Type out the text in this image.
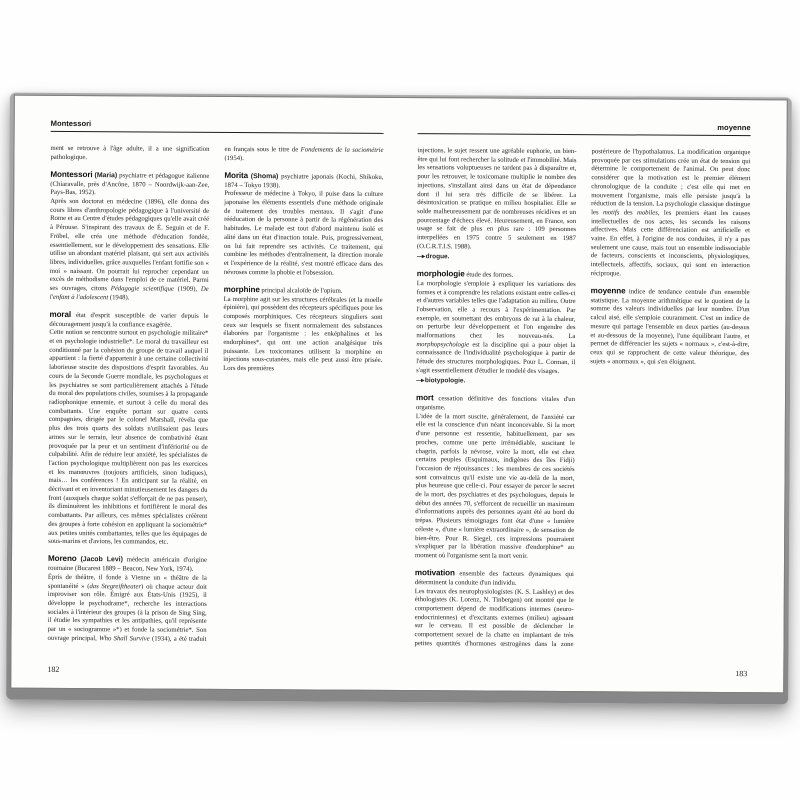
Montessori
ment se retrouve à l'âge adulte, il a une signification pathologique.

Montessori (Maria) psychiatre et pédagogue italienne (Chiaravalle, près d'Ancône, 1870 – Noordwijk-aan-Zee, Pays-Bas, 1952).

Après son doctorat en médecine (1896), elle donna des cours libres d'anthropologie pédagogique à l'université de Rome et au Centre d'études pédagogiques qu'elle avait créé à Pérouse. S'inspirant des travaux de É. Seguin et de F. Fröbel, elle créa une méthode d'éducation fondée, essentiellement, sur le développement des sensations. Elle utilise un abondant matériel plaisant, qui sert aux activités libres, individuelles, grâce auxquelles l'enfant fortifie son « moi » naissant. On pourrait lui reprocher cependant un excès de méthodisme dans l'emploi de ce matériel. Parmi ses ouvrages, citons Pédagogie scientifique (1909), De l'enfant à l'adolescent (1948).

moral état d'esprit susceptible de varier depuis le découragement jusqu'à la confiance exagérée.

Cette notion se rencontre surtout en psychologie militaire* et en psychologie industrielle*. Le moral du travailleur est conditionné par la cohésion du groupe de travail auquel il appartient : la fierté d'appartenir à une certaine collectivité laborieuse suscite des dispositions d'esprit favorables. Au cours de la Seconde Guerre mondiale, les psychologues et les psychiatres se sont particulièrement attachés à l'étude du moral des populations civiles, soumises à la propagande radiophonique ennemie, et surtout à celle du moral des combattants. Une enquête portant sur quatre cents compagnies, dirigée par le colonel Marshall, révéla que plus des trois quarts des soldats n'utilisaient pas leurs armes sur le terrain, leur absence de combativité étant provoquée par la peur et un sentiment d'infériorité ou de culpabilité. Afin de réduire leur anxiété, les spécialistes de l'action psychologique multiplièrent non pas les exercices et les manœuvres (toujours artificiels, sinon ludiques), mais… les conférences ! En anticipant sur la réalité, en décrivant et en inventoriant minutieusement les dangers du front (auxquels chaque soldat s'efforçait de ne pas penser), ils diminuèrent les inhibitions et fortifièrent le moral des combattants. Par ailleurs, ces mêmes spécialistes créèrent des groupes à forte cohésion en appliquant la sociométrie* aux petites unités combattantes, telles que les équipages de sous-marins et d'avions, les commandos, etc.

Moreno (Jacob Levi) médecin américain d'origine roumaine (Bucarest 1889 – Beacon, New York, 1974).

Épris de théâtre, il fonde à Vienne un « théâtre de la spontanéité » (das Stegreiftheater) où chaque acteur doit improviser son rôle. Émigré aux États-Unis (1925), il développe le psychodrame*, recherche les interactions sociales à l'intérieur des groupes (à la prison de Sing Sing, il étudie les sympathies et les antipathies, qu'il représente par un « sociogramme »*) et fonde la sociométrie*. Son ouvrage principal, Who Shall Survive (1934), a été traduit en français sous le titre de Fondements de la sociométrie (1954).

Morita (Shoma) psychiatre japonais (Kochi, Shikoku, 1874 – Tokyo 1938).

Professeur de médecine à Tokyo, il puise dans la culture japonaise les éléments essentiels d'une méthode originale de traitement des troubles mentaux. Il s'agit d'une rééducation de la personne à partir de la régénération des habitudes. Le malade est tout d'abord maintenu isolé et alité dans un état d'inaction totale. Puis, progressivement, on lui fait reprendre ses activités. Ce traitement, qui combine les méthodes d'entraînement, la direction morale et l'expérience de la réalité, s'est montré efficace dans des névroses comme la phobie et l'obsession.

morphine principal alcaloïde de l'opium.

La morphine agit sur les structures cérébrales (et la moelle épinière), qui possèdent des récepteurs spécifiques pour les composés morphiniques. Ces récepteurs singuliers sont ceux sur lesquels se fixent normalement des substances élaborées par l'organisme : les enképhalines et les endorphines*, qui ont une action analgésique très puissante. Les toxicomanes utilisent la morphine en injections sous-cutanées, mais elle peut aussi être prisée. Lors des premières

182
moyenne
injections, le sujet ressent une agréable euphorie, un bien-être qui lui font rechercher la solitude et l'immobilité. Mais les sensations voluptueuses ne tardent pas à disparaître et, pour les retrouver, le toxicomane multiplie le nombre des injections, s'installant ainsi dans un état de dépendance dont il lui sera très difficile de se libérer. La désintoxication se pratique en milieu hospitalier. Elle se solde malheureusement par de nombreuses récidives et un pourcentage d'échecs élevé. Heureusement, en France, son usage se fait de plus en plus rare : 109 personnes interpellées en 1975 contre 5 seulement en 1987 (O.C.R.T.I.S. 1988).
—▸ drogue.

morphologie étude des formes.

La morphologie s'emploie à expliquer les variations des formes et à comprendre les relations existant entre celles-ci et d'autres variables telles que l'adaptation au milieu. Outre l'observation, elle a recours à l'expérimentation. Par exemple, en soumettant des embryons de rat à la chaleur, on perturbe leur développement et l'on engendre des malformations chez les nouveau-nés. La morphopsychologie est la discipline qui a pour objet la connaissance de l'individualité psychologique à partir de l'étude des structures morphologiques. Pour L. Corman, il s'agit essentiellement d'étudier le modelé des visages.

—▸ biotypologie.

mort cessation définitive des fonctions vitales d'un organisme.

L'idée de la mort suscite, généralement, de l'anxiété car elle est la conscience d'un néant inconcevable. Si la mort d'une personne est ressentie, habituellement, par ses proches, comme une perte irrémédiable, suscitant le chagrin, parfois la névrose, voire la mort, elle est chez certains peuples (Esquimaux, indigènes des îles Fidji) l'occasion de réjouissances : les membres de ces sociétés sont convaincus qu'il existe une vie au-delà de la mort, plus heureuse que celle-ci. Pour essayer de percer le secret de la mort, des psychiatres et des psychologues, depuis le début des années 70, s'efforcent de recueillir un maximum d'informations auprès des personnes ayant été au bord du trépas. Plusieurs témoignages font état d'une « lumière céleste », d'une « lumière extraordinaire », de sensation de bien-être. Pour R. Siegel, ces impressions pourraient s'expliquer par la libération massive d'endorphine* au moment où l'organisme sent la mort venir.

motivation ensemble des facteurs dynamiques qui déterminent la conduite d'un individu.

Les travaux des neurophysiologistes (K. S. Lashley) et des éthologistes (K. Lorenz, N. Tinbergen) ont montré que le comportement dépend de modifications internes (neuro-endocriniennes) et d'excitants externes (milieu) agissant sur le cerveau. Il est possible de déclencher le comportement sexuel de la chatte en implantant de très petites quantités d'hormones œstrogènes dans la zone postérieure de l'hypothalamus. La modification organique provoquée par ces stimulations crée un état de tension qui détermine le comportement de l'animal. On peut donc considérer que la motivation est le premier élément chronologique de la conduite ; c'est elle qui met en mouvement l'organisme, mais elle persiste jusqu'à la réduction de la tension. La psychologie classique distingue les motifs des mobiles, les premiers étant les causes intellectuelles de nos actes, les seconds les raisons affectives. Mais cette différenciation est artificielle et vaine. En effet, à l'origine de nos conduites, il n'y a pas seulement une cause, mais tout un ensemble indissociable de facteurs, conscients et inconscients, physiologiques, intellectuels, affectifs, sociaux, qui sont en interaction réciproque.

moyenne indice de tendance centrale d'un ensemble statistique. La moyenne arithmétique est le quotient de la somme des valeurs individuelles par leur nombre. D'un calcul aisé, elle s'emploie couramment. C'est un indice de mesure qui partage l'ensemble en deux parties (au-dessus et au-dessous de la moyenne), l'une équilibrant l'autre, et permet de différencier les sujets « normaux », c'est-à-dire, ceux qui se rapprochent de cette valeur théorique, des sujets « anormaux », qui s'en éloignent.

183
